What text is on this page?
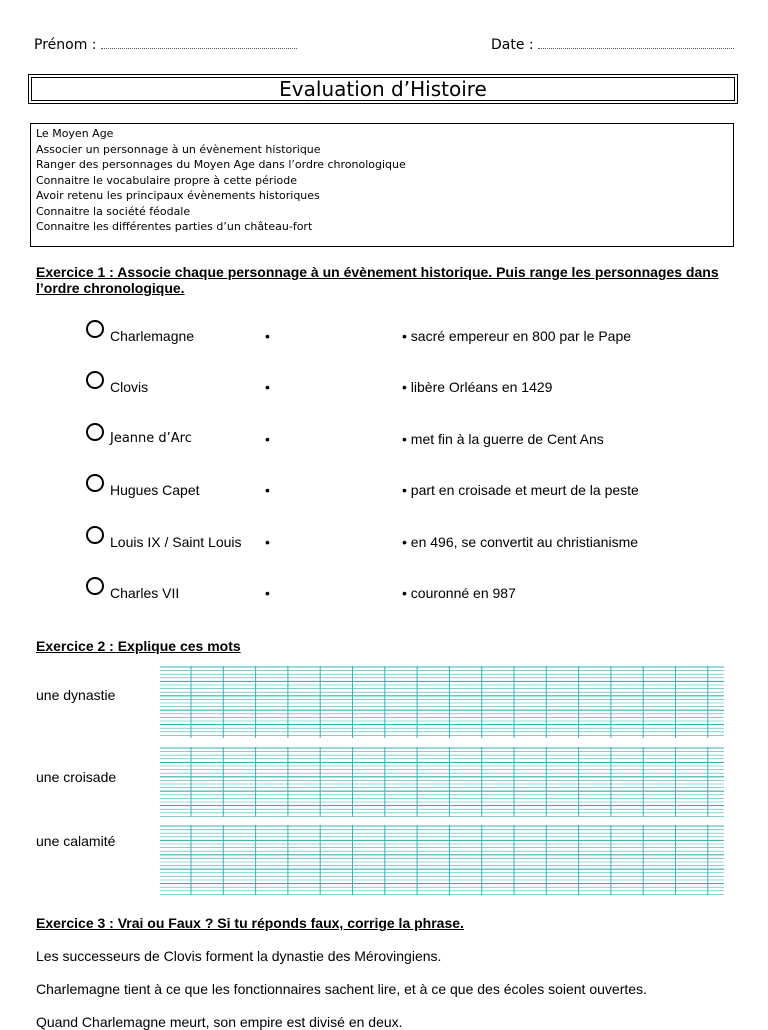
Prénom :	Date :
Evaluation d’Histoire
Le Moyen Age
Associer un personnage à un évènement historique
Ranger des personnages du Moyen Age dans l’ordre chronologique
Connaitre le vocabulaire propre à cette période
Avoir retenu les principaux évènements historiques
Connaitre la société féodale
Connaitre les différentes parties d’un château-fort
Exercice 1 : Associe chaque personnage à un évènement historique. Puis range les personnages dans
l’ordre chronologique.
Charlemagne	•	• sacré empereur en 800 par le Pape
Clovis	•	• libère Orléans en 1429
Jeanne d’Arc	•	• met fin à la guerre de Cent Ans
Hugues Capet	•	• part en croisade et meurt de la peste
Louis IX / Saint Louis •	• en 496, se convertit au christianisme
Charles VII	•	• couronné en 987
Exercice 2 : Explique ces mots
une dynastie
une croisade
une calamité
Exercice 3 : Vrai ou Faux ? Si tu réponds faux, corrige la phrase.
Les successeurs de Clovis forment la dynastie des Mérovingiens.
Charlemagne tient à ce que les fonctionnaires sachent lire, et à ce que des écoles soient ouvertes.
Quand Charlemagne meurt, son empire est divisé en deux.
